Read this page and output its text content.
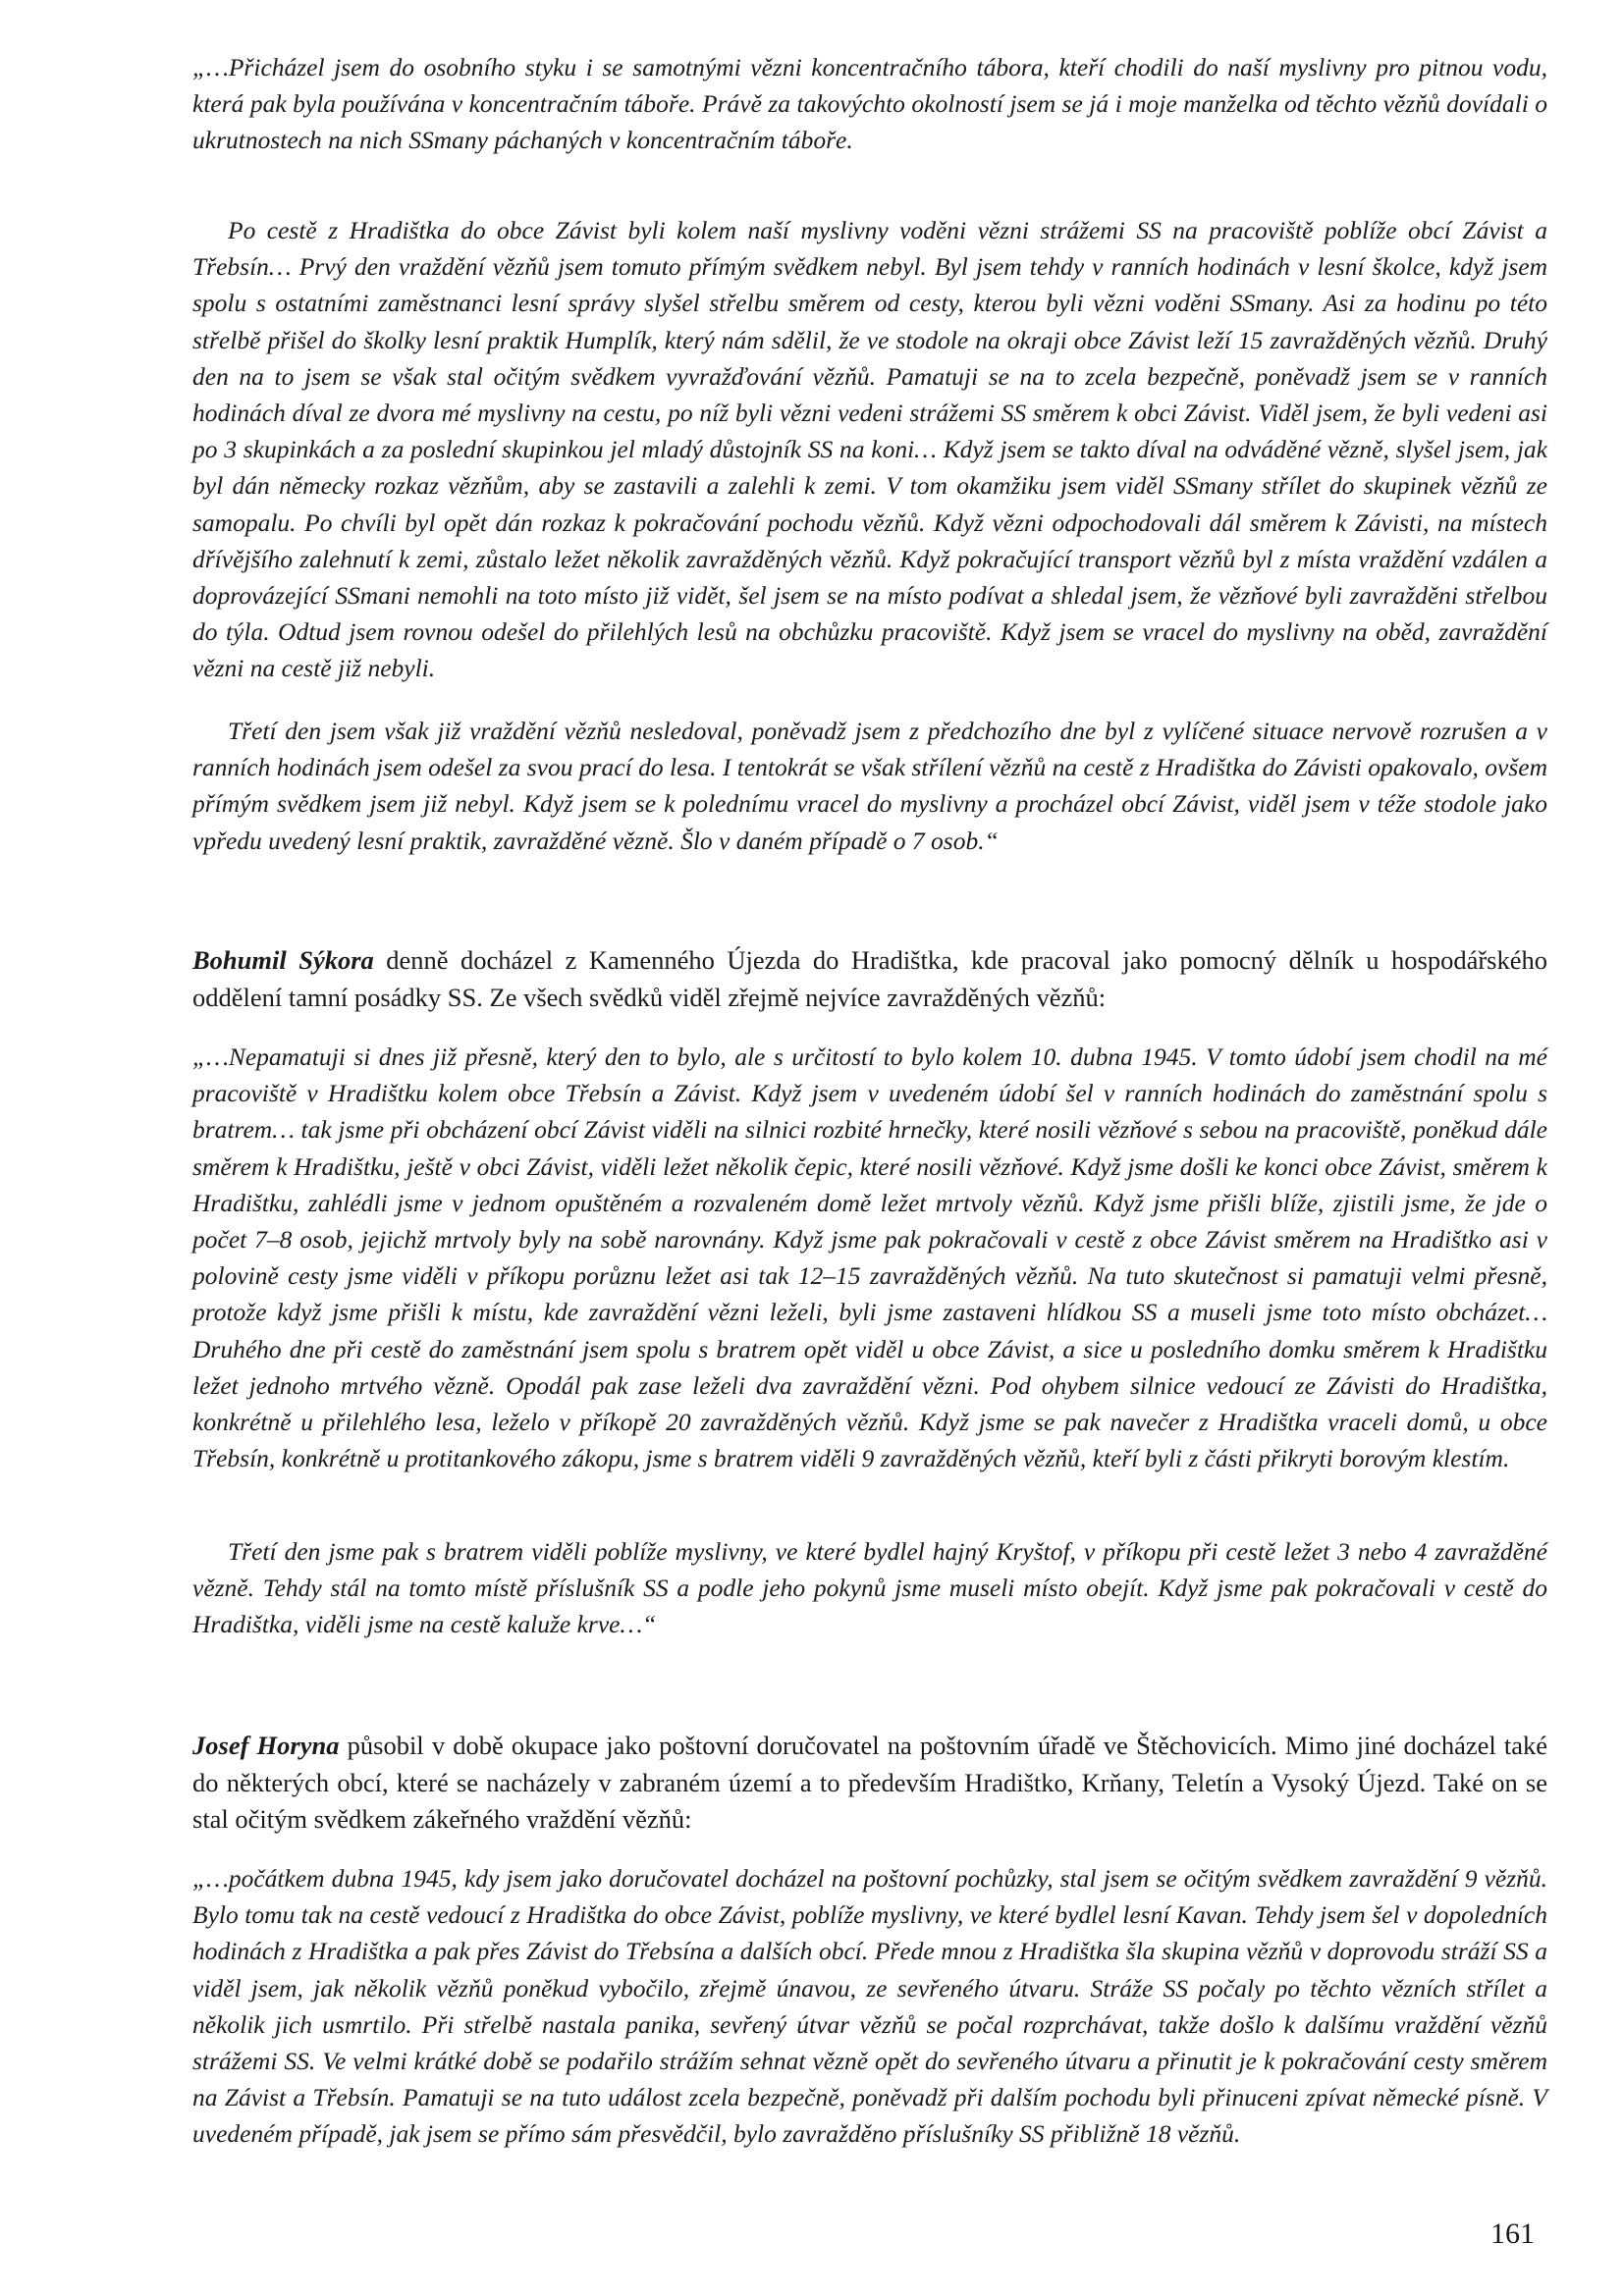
„…Přicházel jsem do osobního styku i se samotnými vězni koncentračního tábora, kteří chodili do naší myslivny pro pitnou vodu, která pak byla používána v koncentračním táboře. Právě za takovýchto okolností jsem se já i moje manželka od těchto vězňů dovídali o ukrutnostech na nich SSmany páchaných v koncentračním táboře.

Po cestě z Hradištka do obce Závist byli kolem naší myslivny voděni vězni strážemi SS na pracoviště poblíže obcí Závist a Třebsín… Prvý den vraždění vězňů jsem tomuto přímým svědkem nebyl. Byl jsem tehdy v ranních hodinách v lesní školce, když jsem spolu s ostatními zaměstnanci lesní správy slyšel střelbu směrem od cesty, kterou byli vězni voděni SSmany. Asi za hodinu po této střelbě přišel do školky lesní praktik Humplík, který nám sdělil, že ve stodole na okraji obce Závist leží 15 zavražděných vězňů. Druhý den na to jsem se však stal očitým svědkem vyvražďování vězňů. Pamatuji se na to zcela bezpečně, poněvadž jsem se v ranních hodinách díval ze dvora mé myslivny na cestu, po níž byli vězni vedeni strážemi SS směrem k obci Závist. Viděl jsem, že byli vedeni asi po 3 skupinkách a za poslední skupinkou jel mladý důstojník SS na koni… Když jsem se takto díval na odváděné vězně, slyšel jsem, jak byl dán německy rozkaz vězňům, aby se zastavili a zalehli k zemi. V tom okamžiku jsem viděl SSmany střílet do skupinek vězňů ze samopalu. Po chvíli byl opět dán rozkaz k pokračování pochodu vězňů. Když vězni odpochodovali dál směrem k Závisti, na místech dřívějšího zalehnutí k zemi, zůstalo ležet několik zavražděných vězňů. Když pokračující transport vězňů byl z místa vraždění vzdálen a doprovázející SSmani nemohli na toto místo již vidět, šel jsem se na místo podívat a shledal jsem, že vězňové byli zavražděni střelbou do týla. Odtud jsem rovnou odešel do přilehlých lesů na obchůzku pracoviště. Když jsem se vracel do myslivny na oběd, zavraždění vězni na cestě již nebyli.

Třetí den jsem však již vraždění vězňů nesledoval, poněvadž jsem z předchozího dne byl z vylíčené situace nervově rozrušen a v ranních hodinách jsem odešel za svou prací do lesa. I tentokrát se však střílení vězňů na cestě z Hradištka do Závisti opakovalo, ovšem přímým svědkem jsem již nebyl. Když jsem se k polednímu vracel do myslivny a procházel obcí Závist, viděl jsem v téže stodole jako vpředu uvedený lesní praktik, zavražděné vězně. Šlo v daném případě o 7 osob.“

Bohumil Sýkora denně docházel z Kamenného Újezda do Hradištka, kde pracoval jako pomocný dělník u hospodářského oddělení tamní posádky SS. Ze všech svědků viděl zřejmě nejvíce zavražděných vězňů:

„…Nepamatuji si dnes již přesně, který den to bylo, ale s určitostí to bylo kolem 10. dubna 1945. V tomto údobí jsem chodil na mé pracoviště v Hradištku kolem obce Třebsín a Závist. Když jsem v uvedeném údobí šel v ranních hodinách do zaměstnání spolu s bratrem… tak jsme při obcházení obcí Závist viděli na silnici rozbité hrnečky, které nosili vězňové s sebou na pracoviště, poněkud dále směrem k Hradištku, ještě v obci Závist, viděli ležet několik čepic, které nosili vězňové. Když jsme došli ke konci obce Závist, směrem k Hradištku, zahlédli jsme v jednom opuštěném a rozvaleném domě ležet mrtvoly vězňů. Když jsme přišli blíže, zjistili jsme, že jde o počet 7–8 osob, jejichž mrtvoly byly na sobě narovnány. Když jsme pak pokračovali v cestě z obce Závist směrem na Hradištko asi v polovině cesty jsme viděli v příkopu porůznu ležet asi tak 12–15 zavražděných vězňů. Na tuto skutečnost si pamatuji velmi přesně, protože když jsme přišli k místu, kde zavraždění vězni leželi, byli jsme zastaveni hlídkou SS a museli jsme toto místo obcházet… Druhého dne při cestě do zaměstnání jsem spolu s bratrem opět viděl u obce Závist, a sice u posledního domku směrem k Hradištku ležet jednoho mrtvého vězně. Opodál pak zase leželi dva zavraždění vězni. Pod ohybem silnice vedoucí ze Závisti do Hradištka, konkrétně u přilehlého lesa, leželo v příkopě 20 zavražděných vězňů. Když jsme se pak navečer z Hradištka vraceli domů, u obce Třebsín, konkrétně u protitankového zákopu, jsme s bratrem viděli 9 zavražděných vězňů, kteří byli z části přikryti borovým klestím.

Třetí den jsme pak s bratrem viděli poblíže myslivny, ve které bydlel hajný Kryštof, v příkopu při cestě ležet 3 nebo 4 zavražděné vězně. Tehdy stál na tomto místě příslušník SS a podle jeho pokynů jsme museli místo obejít. Když jsme pak pokračovali v cestě do Hradištka, viděli jsme na cestě kaluže krve…“

Josef Horyna působil v době okupace jako poštovní doručovatel na poštovním úřadě ve Štěchovicích. Mimo jiné docházel také do některých obcí, které se nacházely v zabraném území a to především Hradištko, Krňany, Teletín a Vysoký Újezd. Také on se stal očitým svědkem zákeřného vraždění vězňů:

„…počátkem dubna 1945, kdy jsem jako doručovatel docházel na poštovní pochůzky, stal jsem se očitým svědkem zavraždění 9 vězňů. Bylo tomu tak na cestě vedoucí z Hradištka do obce Závist, poblíže myslivny, ve které bydlel lesní Kavan. Tehdy jsem šel v dopoledních hodinách z Hradištka a pak přes Závist do Třebsína a dalších obcí. Přede mnou z Hradištka šla skupina vězňů v doprovodu stráží SS a viděl jsem, jak několik vězňů poněkud vybočilo, zřejmě únavou, ze sevřeného útvaru. Stráže SS počaly po těchto vězních střílet a několik jich usmrtilo. Při střelbě nastala panika, sevřený útvar vězňů se počal rozprchávat, takže došlo k dalšímu vraždění vězňů strážemi SS. Ve velmi krátké době se podařilo strážím sehnat vězně opět do sevřeného útvaru a přinutit je k pokračování cesty směrem na Závist a Třebsín. Pamatuji se na tuto událost zcela bezpečně, poněvadž při dalším pochodu byli přinuceni zpívat německé písně. V uvedeném případě, jak jsem se přímo sám přesvědčil, bylo zavražděno příslušníky SS přibližně 18 vězňů.

161
